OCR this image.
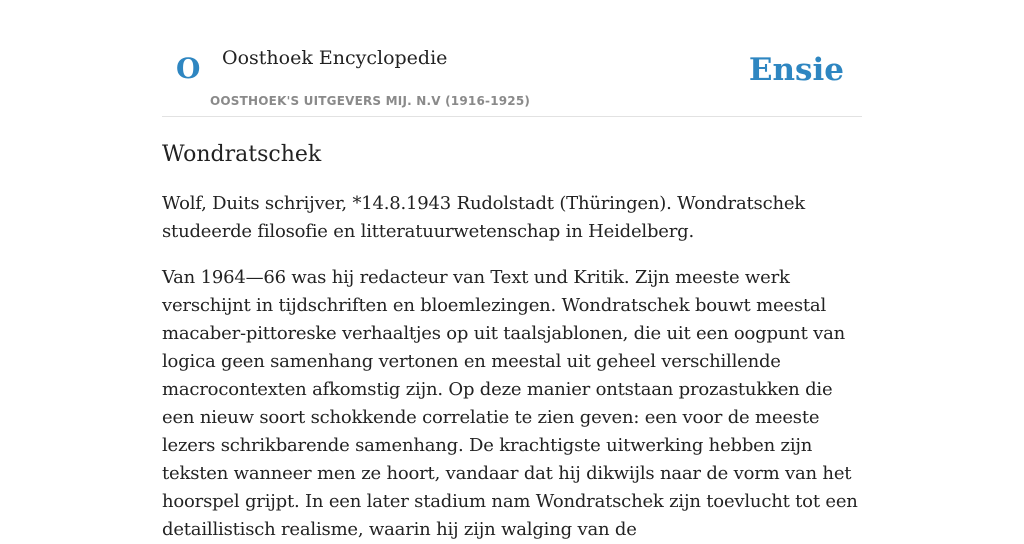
O Oosthoek Encyclopedie
OOSTHOEK'S UITGEVERS MIJ. N.V (1916-1925)
Ensie
Wondratschek

Wolf, Duits schrijver, *14.8.1943 Rudolstadt (Thüringen). Wondratschek studeerde filosofie en litteratuurwetenschap in Heidelberg.

Van 1964—66 was hij redacteur van Text und Kritik. Zijn meeste werk verschijnt in tijdschriften en bloemlezingen. Wondratschek bouwt meestal macaber-pittoreske verhaaltjes op uit taalsjablonen, die uit een oogpunt van logica geen samenhang vertonen en meestal uit geheel verschillende macrocontexten afkomstig zijn. Op deze manier ontstaan prozastukken die een nieuw soort schokkende correlatie te zien geven: een voor de meeste lezers schrikbarende samenhang. De krachtigste uitwerking hebben zijn teksten wanneer men ze hoort, vandaar dat hij dikwijls naar de vorm van het hoorspel grijpt. In een later stadium nam Wondratschek zijn toevlucht tot een detaillistisch realisme, waarin hij zijn walging van de
